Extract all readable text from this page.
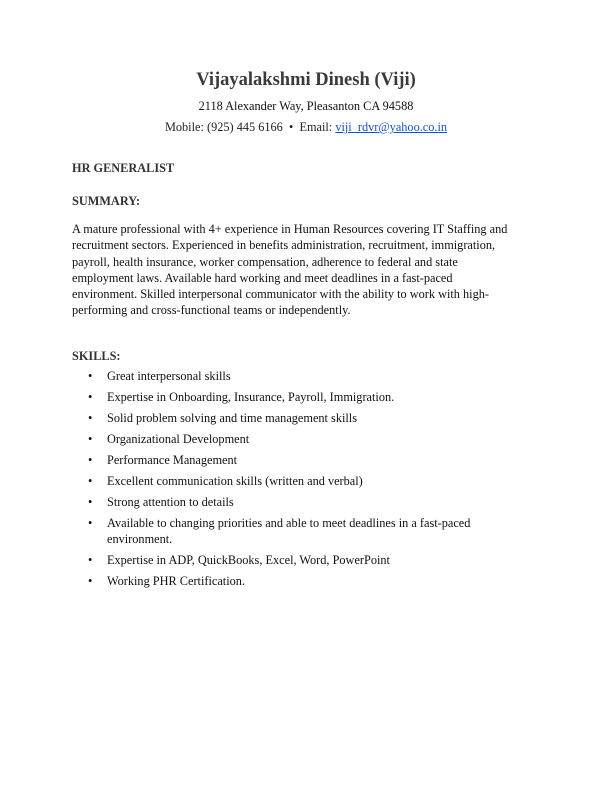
Vijayalakshmi Dinesh (Viji)
2118 Alexander Way, Pleasanton CA 94588
Mobile: (925) 445 6166 • Email: viji_rdvr@yahoo.co.in
HR GENERALIST
SUMMARY:
A mature professional with 4+ experience in Human Resources covering IT Staffing and recruitment sectors. Experienced in benefits administration, recruitment, immigration, payroll, health insurance, worker compensation, adherence to federal and state employment laws. Available hard working and meet deadlines in a fast-paced environment. Skilled interpersonal communicator with the ability to work with high-performing and cross-functional teams or independently.
SKILLS:
• Great interpersonal skills
• Expertise in Onboarding, Insurance, Payroll, Immigration.
• Solid problem solving and time management skills
• Organizational Development
• Performance Management
• Excellent communication skills (written and verbal)
• Strong attention to details
• Available to changing priorities and able to meet deadlines in a fast-paced environment.
• Expertise in ADP, QuickBooks, Excel, Word, PowerPoint
• Working PHR Certification.
